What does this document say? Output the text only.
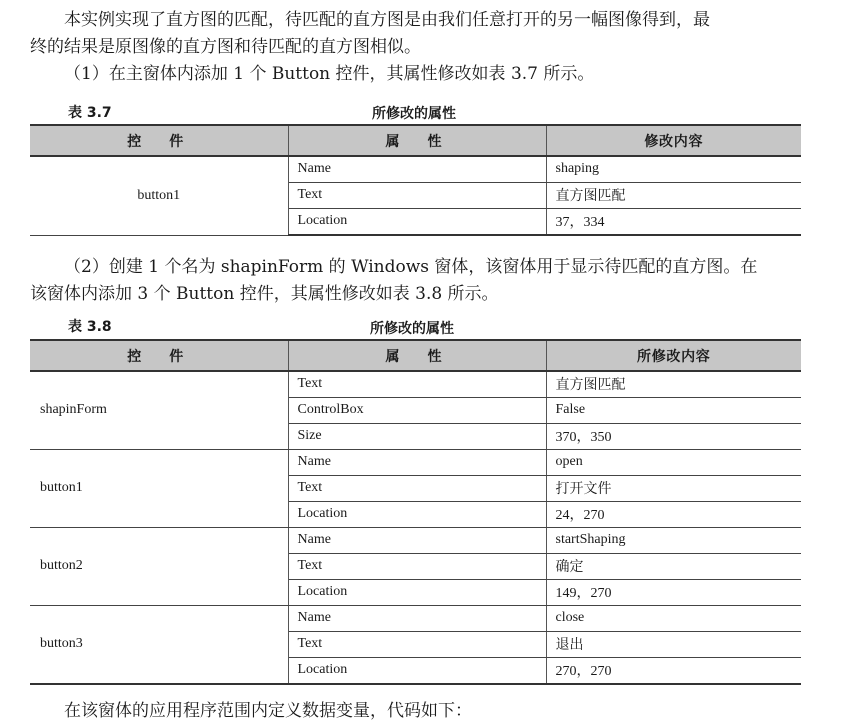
本实例实现了直方图的匹配，待匹配的直方图是由我们任意打开的另一幅图像得到，最

终的结果是原图像的直方图和待匹配的直方图相似。

（1）在主窗体内添加 1 个 Button 控件，其属性修改如表 3.7 所示。

表 3.7	所修改的属性
控　件	属　性	修改内容
button1	Name	shaping
	Text	直方图匹配
	Location	37，334

（2）创建 1 个名为 shapinForm 的 Windows 窗体，该窗体用于显示待匹配的直方图。在

该窗体内添加 3 个 Button 控件，其属性修改如表 3.8 所示。

表 3.8	所修改的属性
控　件	属　性	所修改内容
shapinForm	Text	直方图匹配
	ControlBox	False
	Size	370，350
button1	Name	open
	Text	打开文件
	Location	24，270
button2	Name	startShaping
	Text	确定
	Location	149，270
button3	Name	close
	Text	退出
	Location	270，270

在该窗体的应用程序范围内定义数据变量，代码如下：
